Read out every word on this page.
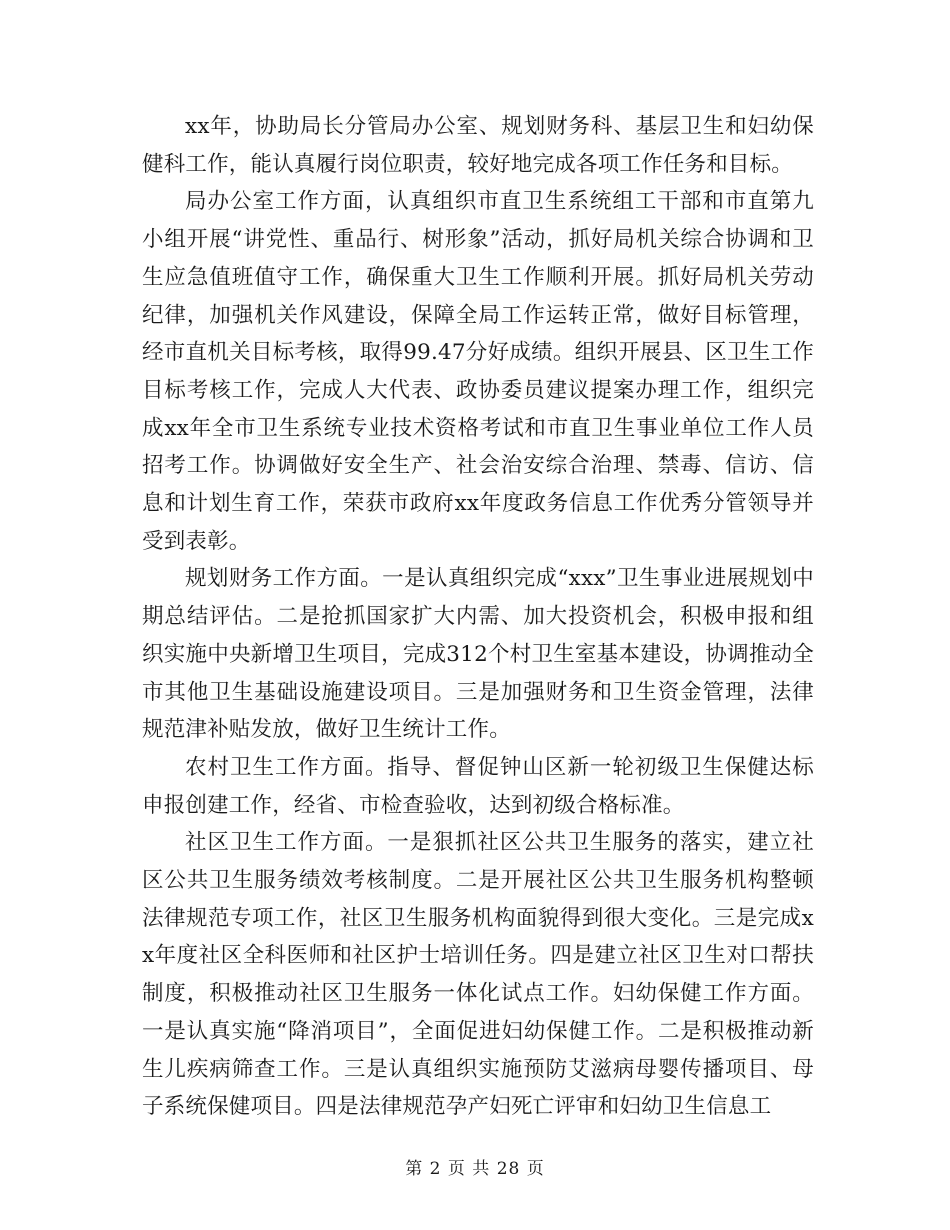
xx年，协助局长分管局办公室、规划财务科、基层卫生和妇幼保健科工作，能认真履行岗位职责，较好地完成各项工作任务和目标。

局办公室工作方面，认真组织市直卫生系统组工干部和市直第九小组开展“讲党性、重品行、树形象”活动，抓好局机关综合协调和卫生应急值班值守工作，确保重大卫生工作顺利开展。抓好局机关劳动纪律，加强机关作风建设，保障全局工作运转正常，做好目标管理，经市直机关目标考核，取得99.47分好成绩。组织开展县、区卫生工作目标考核工作，完成人大代表、政协委员建议提案办理工作，组织完成xx年全市卫生系统专业技术资格考试和市直卫生事业单位工作人员招考工作。协调做好安全生产、社会治安综合治理、禁毒、信访、信息和计划生育工作，荣获市政府xx年度政务信息工作优秀分管领导并受到表彰。

规划财务工作方面。一是认真组织完成“xxx”卫生事业进展规划中期总结评估。二是抢抓国家扩大内需、加大投资机会，积极申报和组织实施中央新增卫生项目，完成312个村卫生室基本建设，协调推动全市其他卫生基础设施建设项目。三是加强财务和卫生资金管理，法律规范津补贴发放，做好卫生统计工作。

农村卫生工作方面。指导、督促钟山区新一轮初级卫生保健达标申报创建工作，经省、市检查验收，达到初级合格标准。

社区卫生工作方面。一是狠抓社区公共卫生服务的落实，建立社区公共卫生服务绩效考核制度。二是开展社区公共卫生服务机构整顿法律规范专项工作，社区卫生服务机构面貌得到很大变化。三是完成xx年度社区全科医师和社区护士培训任务。四是建立社区卫生对口帮扶制度，积极推动社区卫生服务一体化试点工作。妇幼保健工作方面。一是认真实施“降消项目”，全面促进妇幼保健工作。二是积极推动新生儿疾病筛查工作。三是认真组织实施预防艾滋病母婴传播项目、母子系统保健项目。四是法律规范孕产妇死亡评审和妇幼卫生信息工

第 2 页 共 28 页
